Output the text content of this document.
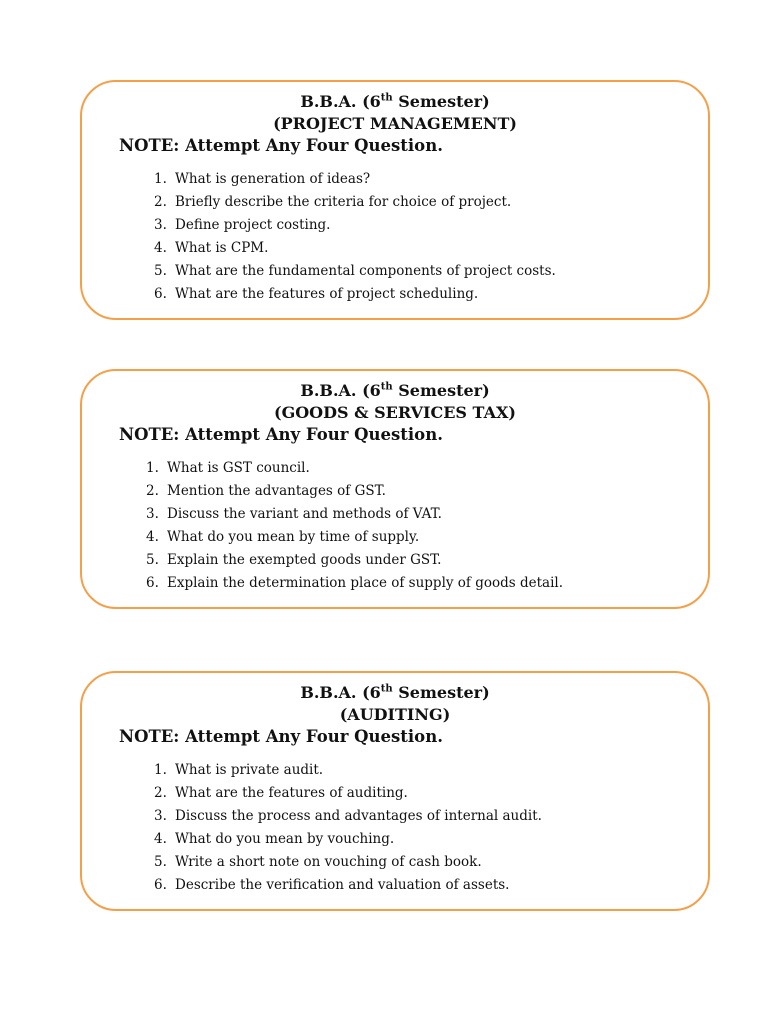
B.B.A. (6th Semester)
(PROJECT MANAGEMENT)
NOTE: Attempt Any Four Question.
1. What is generation of ideas?
2. Briefly describe the criteria for choice of project.
3. Define project costing.
4. What is CPM.
5. What are the fundamental components of project costs.
6. What are the features of project scheduling.
B.B.A. (6th Semester)
(GOODS & SERVICES TAX)
NOTE: Attempt Any Four Question.
1. What is GST council.
2. Mention the advantages of GST.
3. Discuss the variant and methods of VAT.
4. What do you mean by time of supply.
5. Explain the exempted goods under GST.
6. Explain the determination place of supply of goods detail.
B.B.A. (6th Semester)
(AUDITING)
NOTE: Attempt Any Four Question.
1. What is private audit.
2. What are the features of auditing.
3. Discuss the process and advantages of internal audit.
4. What do you mean by vouching.
5. Write a short note on vouching of cash book.
6. Describe the verification and valuation of assets.
